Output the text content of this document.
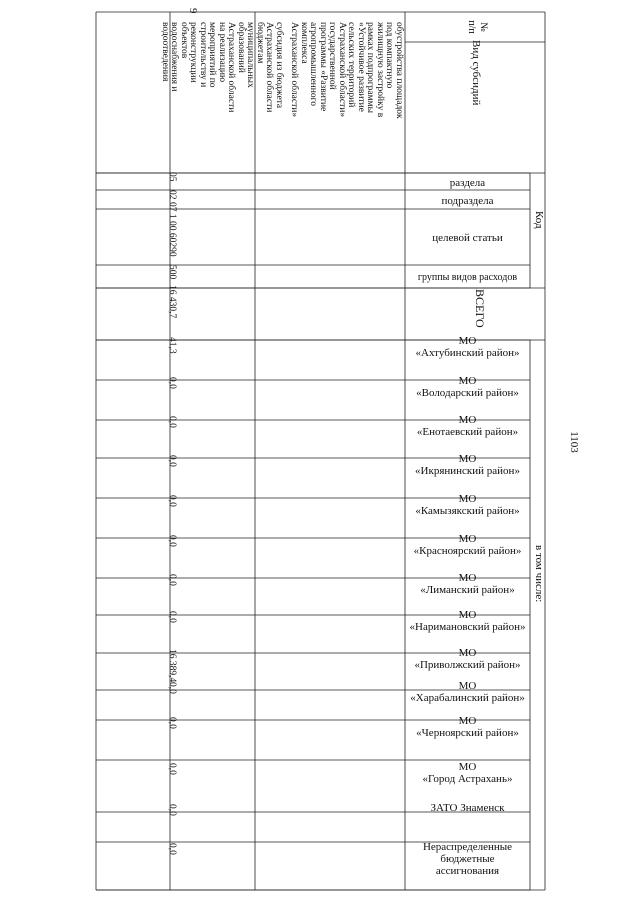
1103
№
п/п
Вид субсидий
раздела
подраздела
целевой статьи
группы видов расходов
Код
ВСЕГО
в том числе:
МО
«Ахтубинский район»
МО
«Володарский район»
МО
«Енотаевский район»
МО
«Икрянинский район»
МО
«Камызякский район»
МО
«Красноярский район»
МО
«Лиманский район»
МО
«Наримановский район»
МО
«Приволжский район»
МО
«Харабалинский район»
МО
«Черноярский район»
МО
«Город Астрахань»
ЗАТО Знаменск
Нераспределенные
бюджетные
ассигнования
9
обустройства площадок
под компактную
жилищную застройку в
рамках подпрограммы
«Устойчивое развитие
сельских территорий
Астраханской области»
государственной
программы «Развитие
агропромышленного
комплекса
Астраханской области»
субсидия из бюджета
Астраханской области
бюджетам
муниципальных
образований
Астраханской области
на реализацию
мероприятий по
строительству и
реконструкции
объектов
водоснабжения и
водоотведения
05
02
07 1 00 60290
500
16 430,7
41,3
0,0
0,0
0,0
0,0
0,0
0,0
0,0
16 389,4
0,0
0,0
0,0
0,0
0,0
